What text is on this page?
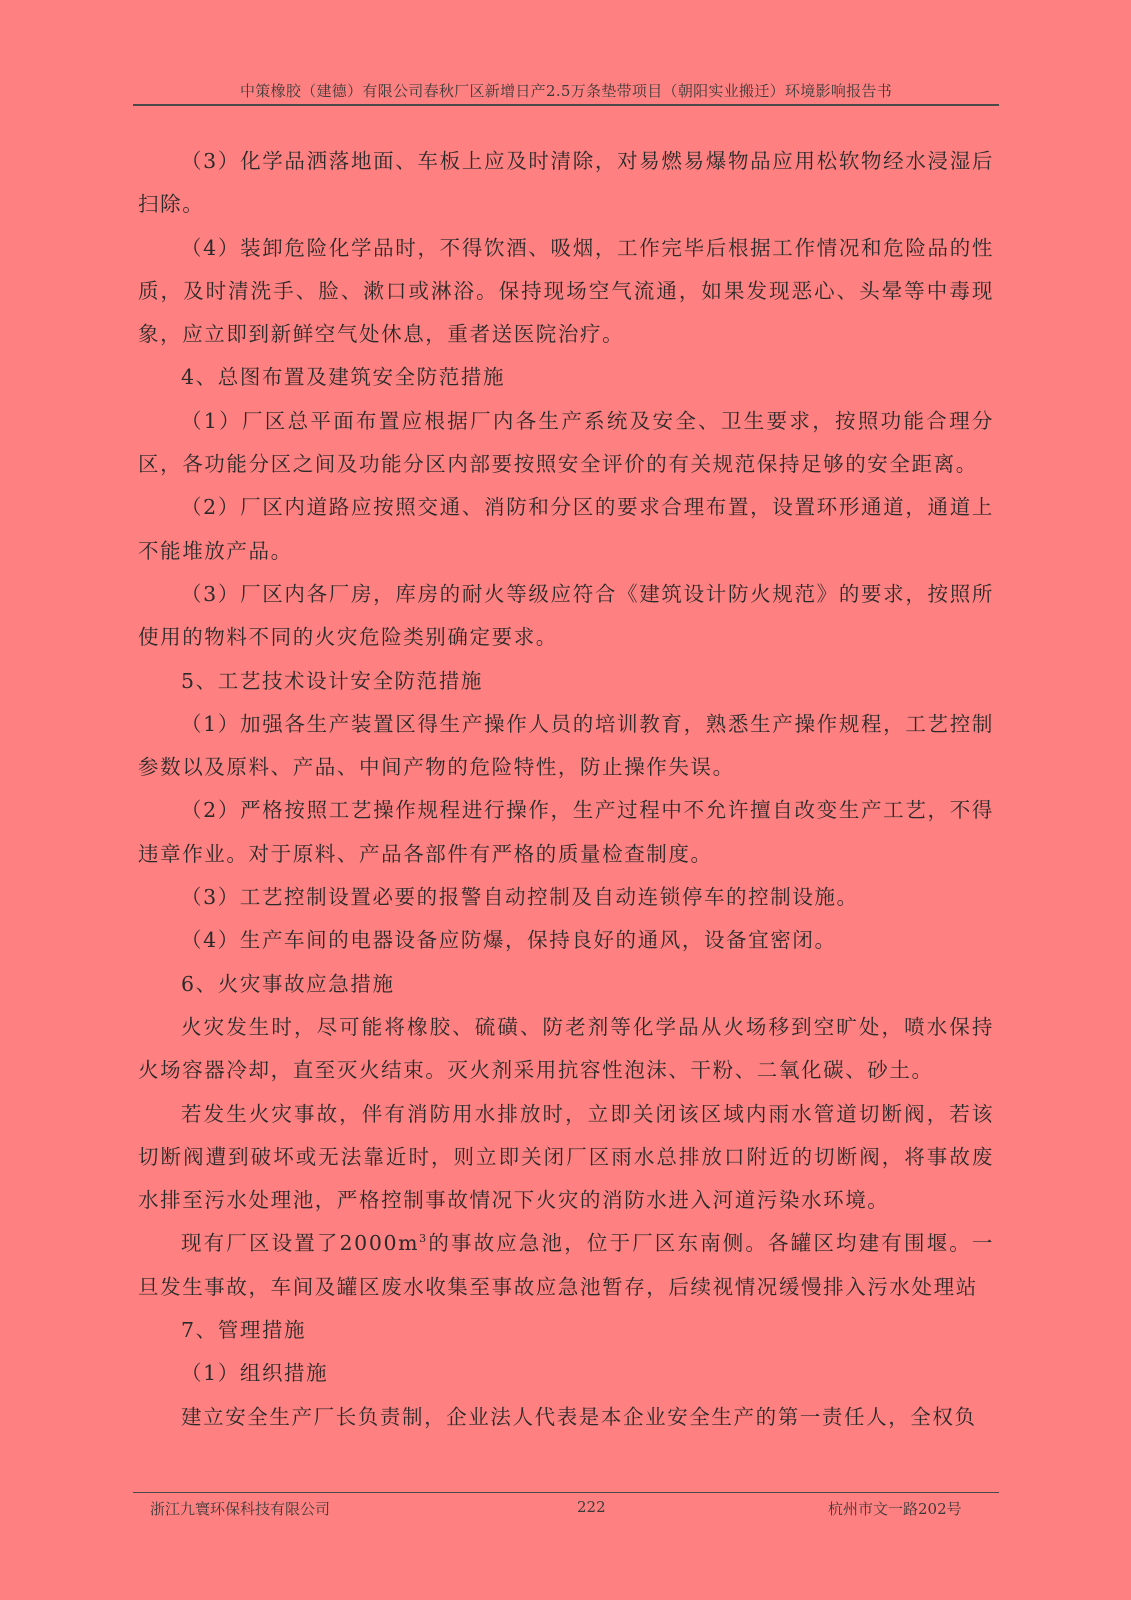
中策橡胶（建德）有限公司春秋厂区新增日产2.5万条垫带项目（朝阳实业搬迁）环境影响报告书

（3）化学品洒落地面、车板上应及时清除，对易燃易爆物品应用松软物经水浸湿后扫除。

（4）装卸危险化学品时，不得饮酒、吸烟，工作完毕后根据工作情况和危险品的性质，及时清洗手、脸、漱口或淋浴。保持现场空气流通，如果发现恶心、头晕等中毒现象，应立即到新鲜空气处休息，重者送医院治疗。

4、总图布置及建筑安全防范措施

（1）厂区总平面布置应根据厂内各生产系统及安全、卫生要求，按照功能合理分区，各功能分区之间及功能分区内部要按照安全评价的有关规范保持足够的安全距离。

（2）厂区内道路应按照交通、消防和分区的要求合理布置，设置环形通道，通道上不能堆放产品。

（3）厂区内各厂房，库房的耐火等级应符合《建筑设计防火规范》的要求，按照所使用的物料不同的火灾危险类别确定要求。

5、工艺技术设计安全防范措施

（1）加强各生产装置区得生产操作人员的培训教育，熟悉生产操作规程，工艺控制参数以及原料、产品、中间产物的危险特性，防止操作失误。

（2）严格按照工艺操作规程进行操作，生产过程中不允许擅自改变生产工艺，不得违章作业。对于原料、产品各部件有严格的质量检查制度。

（3）工艺控制设置必要的报警自动控制及自动连锁停车的控制设施。

（4）生产车间的电器设备应防爆，保持良好的通风，设备宜密闭。

6、火灾事故应急措施

火灾发生时，尽可能将橡胶、硫磺、防老剂等化学品从火场移到空旷处，喷水保持火场容器冷却，直至灭火结束。灭火剂采用抗容性泡沫、干粉、二氧化碳、砂土。

若发生火灾事故，伴有消防用水排放时，立即关闭该区域内雨水管道切断阀，若该切断阀遭到破坏或无法靠近时，则立即关闭厂区雨水总排放口附近的切断阀，将事故废水排至污水处理池，严格控制事故情况下火灾的消防水进入河道污染水环境。

现有厂区设置了$2000m^3$的事故应急池，位于厂区东南侧。各罐区均建有围堰。一旦发生事故，车间及罐区废水收集至事故应急池暂存，后续视情况缓慢排入污水处理站

7、管理措施

（1）组织措施

建立安全生产厂长负责制，企业法人代表是本企业安全生产的第一责任人，全权负

浙江九寰环保科技有限公司	222	杭州市文一路202号
